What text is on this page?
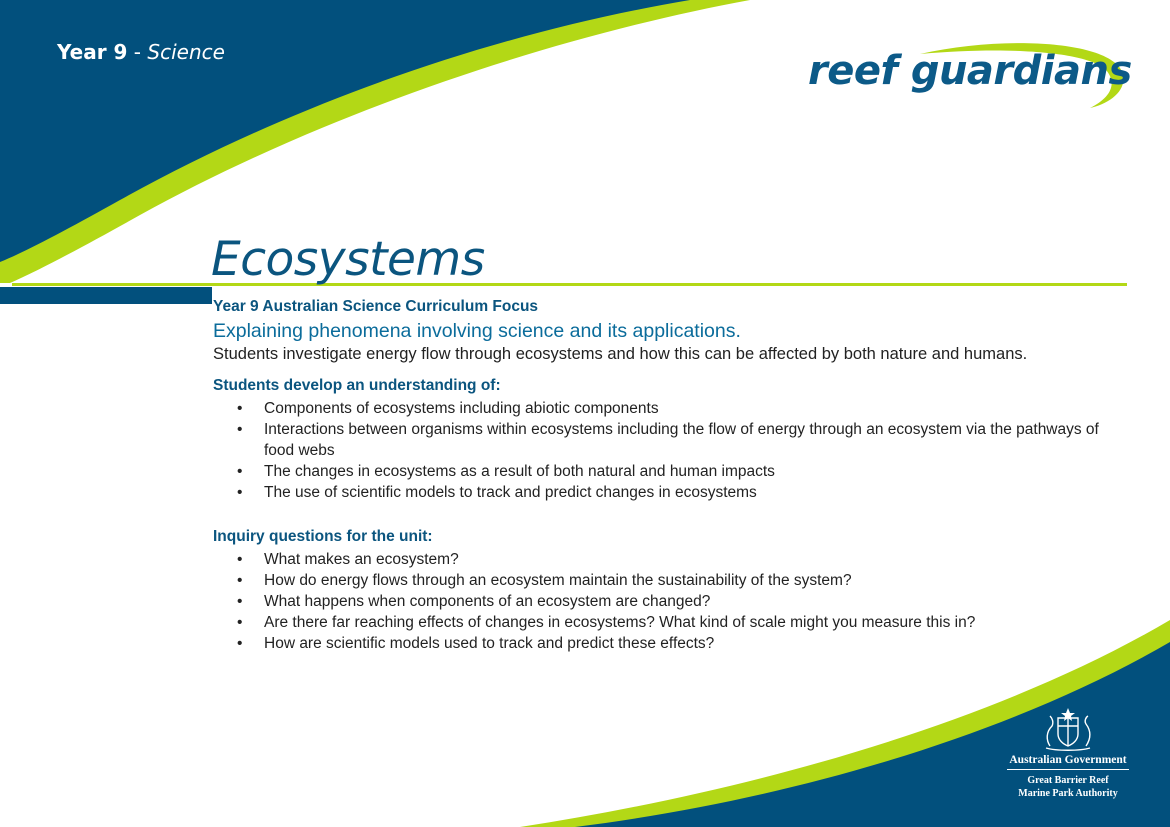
Year 9 - Science	reef guardians
Ecosystems
Year 9 Australian Science Curriculum Focus
Explaining phenomena involving science and its applications.
Students investigate energy flow through ecosystems and how this can be affected by both nature and humans.
Students develop an understanding of:
• Components of ecosystems including abiotic components
• Interactions between organisms within ecosystems including the flow of energy through an ecosystem via the pathways of food webs
• The changes in ecosystems as a result of both natural and human impacts
• The use of scientific models to track and predict changes in ecosystems
Inquiry questions for the unit:
• What makes an ecosystem?
• How do energy flows through an ecosystem maintain the sustainability of the system?
• What happens when components of an ecosystem are changed?
• Are there far reaching effects of changes in ecosystems? What kind of scale might you measure this in?
• How are scientific models used to track and predict these effects?
Australian Government
Great Barrier Reef
Marine Park Authority
